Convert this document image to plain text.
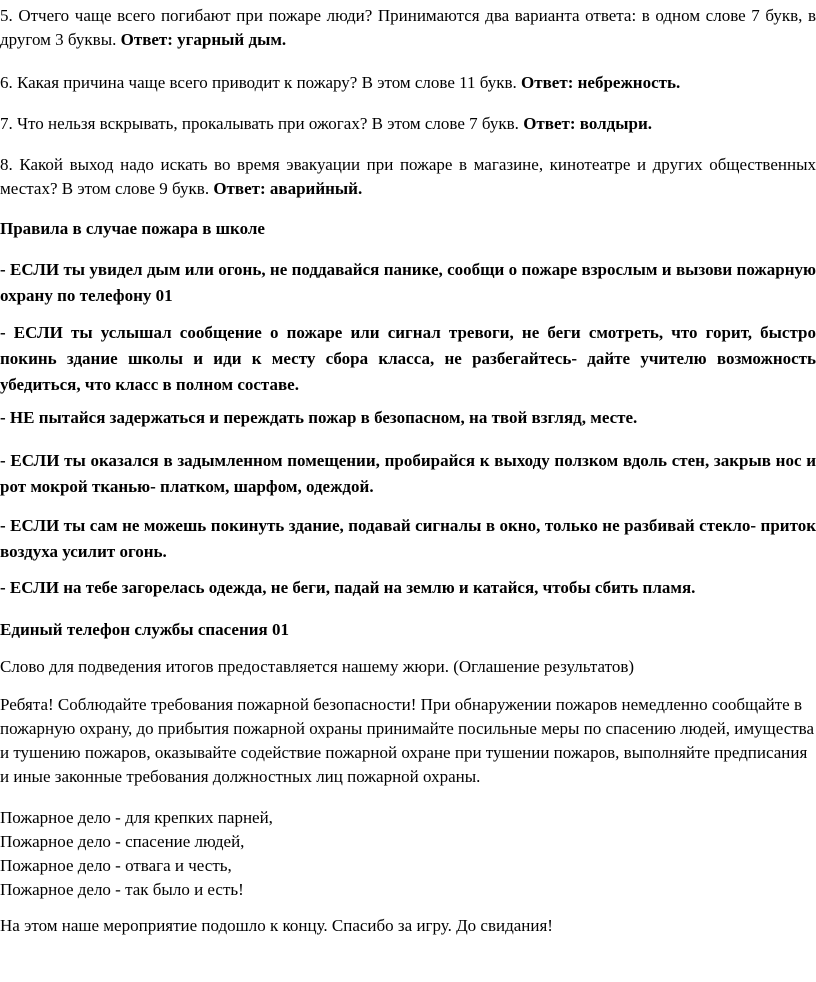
5. Отчего чаще всего погибают при пожаре люди? Принимаются два варианта ответа: в одном слове 7 букв, в другом 3 буквы. Ответ: угарный дым.

6. Какая причина чаще всего приводит к пожару? В этом слове 11 букв. Ответ: небрежность.

7. Что нельзя вскрывать, прокалывать при ожогах? В этом слове 7 букв. Ответ: волдыри.

8. Какой выход надо искать во время эвакуации при пожаре в магазине, кинотеатре и других общественных местах? В этом слове 9 букв. Ответ: аварийный.

Правила в случае пожара в школе

- ЕСЛИ ты увидел дым или огонь, не поддавайся панике, сообщи о пожаре взрослым и вызови пожарную охрану по телефону 01

- ЕСЛИ ты услышал сообщение о пожаре или сигнал тревоги, не беги смотреть, что горит, быстро покинь здание школы и иди к месту сбора класса, не разбегайтесь- дайте учителю возможность убедиться, что класс в полном составе.

- НЕ пытайся задержаться и переждать пожар в безопасном, на твой взгляд, месте.

- ЕСЛИ ты оказался в задымленном помещении, пробирайся к выходу ползком вдоль стен, закрыв нос и рот мокрой тканью- платком, шарфом, одеждой.

- ЕСЛИ ты сам не можешь покинуть здание, подавай сигналы в окно, только не разбивай стекло- приток воздуха усилит огонь.

- ЕСЛИ на тебе загорелась одежда, не беги, падай на землю и катайся, чтобы сбить пламя.

Единый телефон службы спасения 01

Слово для подведения итогов предоставляется нашему жюри. (Оглашение результатов)

Ребята! Соблюдайте требования пожарной безопасности! При обнаружении пожаров немедленно сообщайте в пожарную охрану, до прибытия пожарной охраны принимайте посильные меры по спасению людей, имущества и тушению пожаров, оказывайте содействие пожарной охране при тушении пожаров, выполняйте предписания и иные законные требования должностных лиц пожарной охраны.

Пожарное дело - для крепких парней,
Пожарное дело - спасение людей,
Пожарное дело - отвага и честь,
Пожарное дело - так было и есть!

На этом наше мероприятие подошло к концу. Спасибо за игру. До свидания!
